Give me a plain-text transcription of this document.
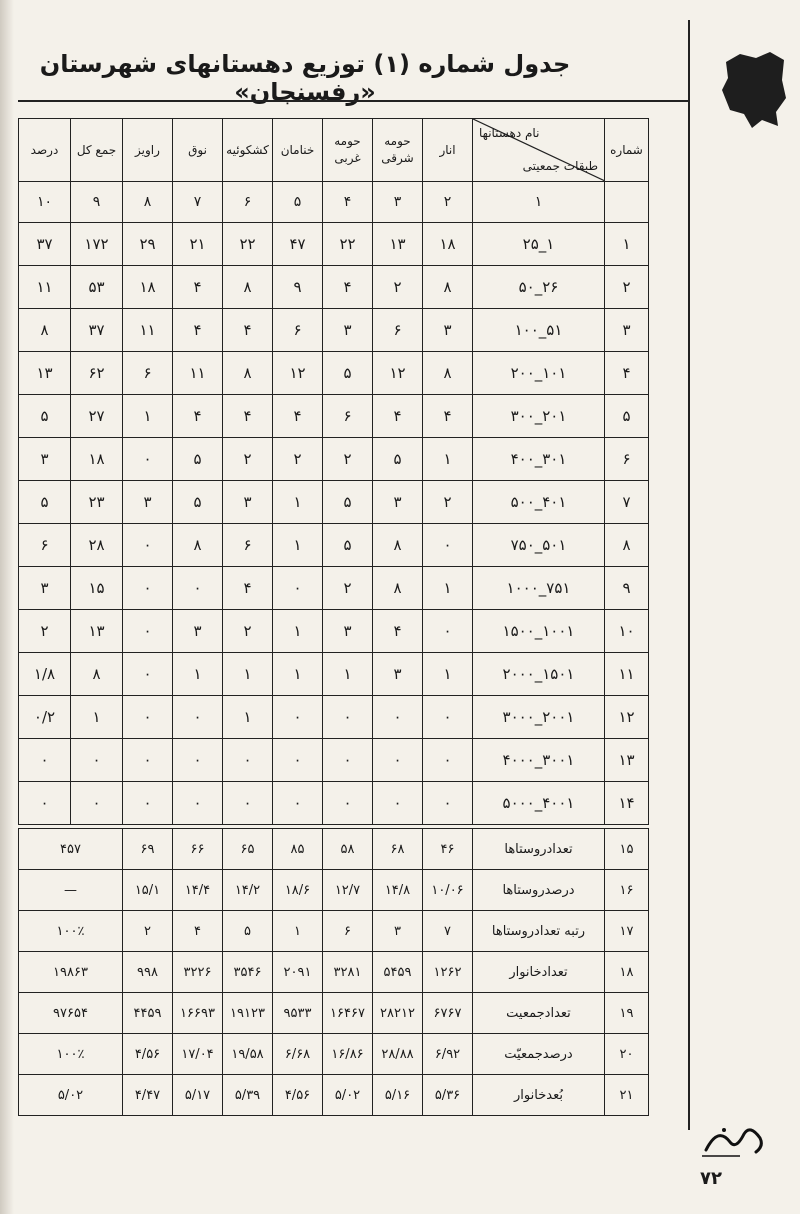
جدول شماره (۱) توزیع دهستانهای شهرستان «رفسنجان»
شماره	نام دهستانها
طبقات جمعیتی	انار	حومه شرقی	حومه غربی	خنامان	کشکوئیه	نوق	راویز	جمع کل	درصد
	۱	۲	۳	۴	۵	۶	۷	۸	۹	۱۰
۱	۱_۲۵	۱۸	۱۳	۲۲	۴۷	۲۲	۲۱	۲۹	۱۷۲	۳۷
۲	۲۶_۵۰	۸	۲	۴	۹	۸	۴	۱۸	۵۳	۱۱
۳	۵۱_۱۰۰	۳	۶	۳	۶	۴	۴	۱۱	۳۷	۸
۴	۱۰۱_۲۰۰	۸	۱۲	۵	۱۲	۸	۱۱	۶	۶۲	۱۳
۵	۲۰۱_۳۰۰	۴	۴	۶	۴	۴	۴	۱	۲۷	۵
۶	۳۰۱_۴۰۰	۱	۵	۲	۲	۲	۵	۰	۱۸	۳
۷	۴۰۱_۵۰۰	۲	۳	۵	۱	۳	۵	۳	۲۳	۵
۸	۵۰۱_۷۵۰	۰	۸	۵	۱	۶	۸	۰	۲۸	۶
۹	۷۵۱_۱۰۰۰	۱	۸	۲	۰	۴	۰	۰	۱۵	۳
۱۰	۱۰۰۱_۱۵۰۰	۰	۴	۳	۱	۲	۳	۰	۱۳	۲
۱۱	۱۵۰۱_۲۰۰۰	۱	۳	۱	۱	۱	۱	۰	۸	۱/۸
۱۲	۲۰۰۱_۳۰۰۰	۰	۰	۰	۰	۱	۰	۰	۱	۰/۲
۱۳	۳۰۰۱_۴۰۰۰	۰	۰	۰	۰	۰	۰	۰	۰	۰
۱۴	۴۰۰۱_۵۰۰۰	۰	۰	۰	۰	۰	۰	۰	۰	۰

۱۵	تعدادروستاها	۴۶	۶۸	۵۸	۸۵	۶۵	۶۶	۶۹	۴۵۷	
۱۶	درصدروستاها	۱۰/۰۶	۱۴/۸	۱۲/۷	۱۸/۶	۱۴/۲	۱۴/۴	۱۵/۱	—	
۱۷	رتبه تعدادروستاها	۷	۳	۶	۱	۵	۴	۲	۱۰۰٪	
۱۸	تعدادخانوار	۱۲۶۲	۵۴۵۹	۳۲۸۱	۲۰۹۱	۳۵۴۶	۳۲۲۶	۹۹۸	۱۹۸۶۳	
۱۹	تعدادجمعیت	۶۷۶۷	۲۸۲۱۲	۱۶۴۶۷	۹۵۳۳	۱۹۱۲۳	۱۶۶۹۳	۴۴۵۹	۹۷۶۵۴	
۲۰	درصدجمعیّت	۶/۹۲	۲۸/۸۸	۱۶/۸۶	۶/۶۸	۱۹/۵۸	۱۷/۰۴	۴/۵۶	۱۰۰٪	
۲۱	بُعدخانوار	۵/۳۶	۵/۱۶	۵/۰۲	۴/۵۶	۵/۳۹	۵/۱۷	۴/۴۷	۵/۰۲	
۷۲
